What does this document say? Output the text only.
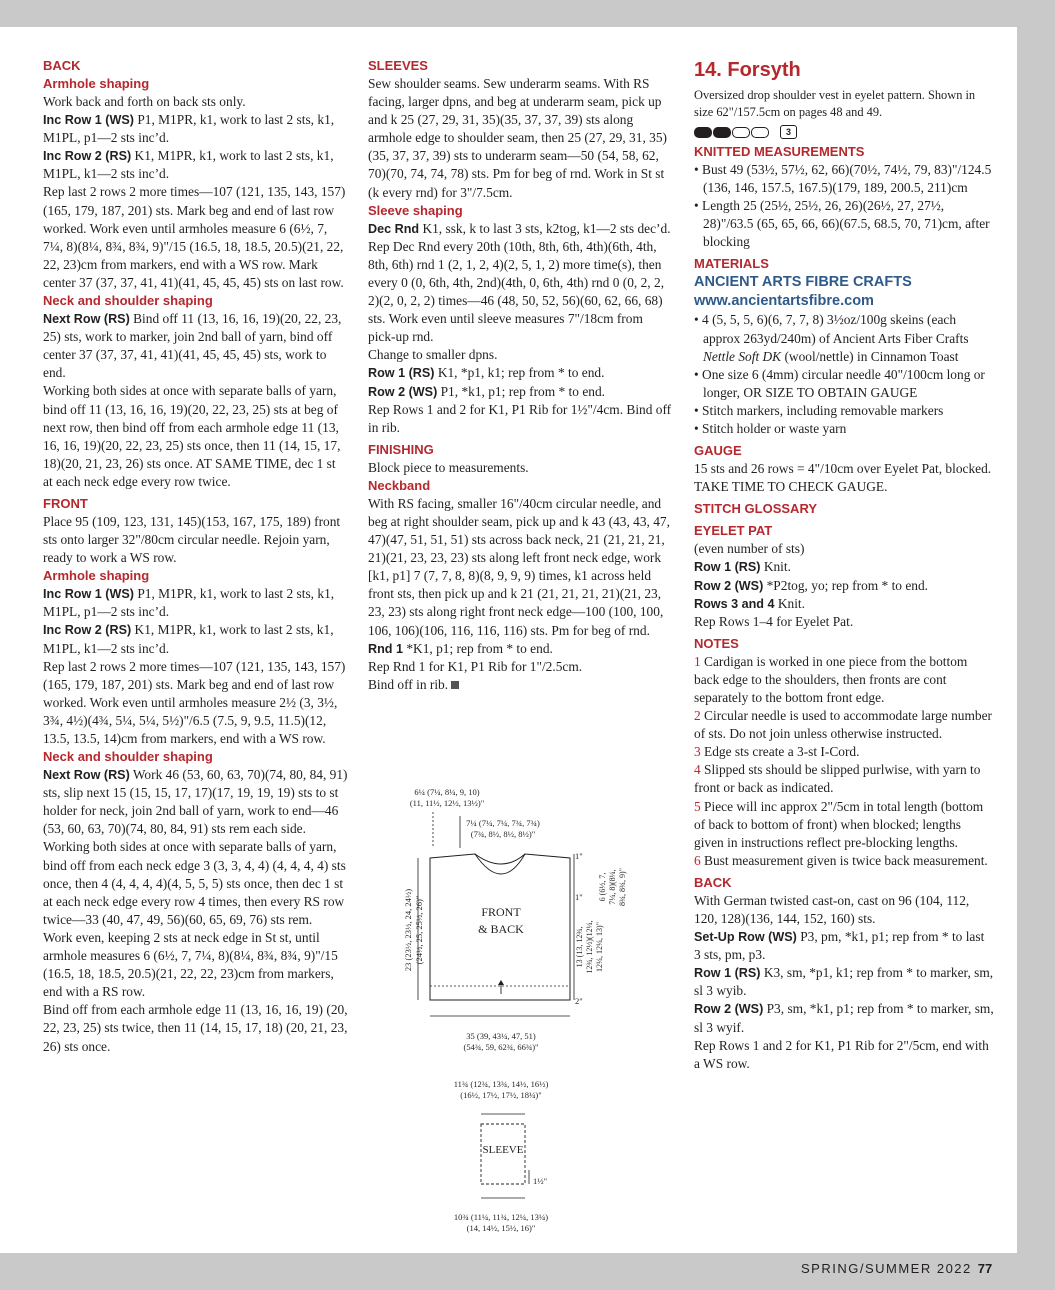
BACK
Armhole shaping

Work back and forth on back sts only.

Inc Row 1 (WS) P1, M1PR, k1, work to last 2 sts, k1, M1PL, p1—2 sts inc’d.

Inc Row 2 (RS) K1, M1PR, k1, work to last 2 sts, k1, M1PL, k1—2 sts inc’d.

Rep last 2 rows 2 more times—107 (121, 135, 143, 157)(165, 179, 187, 201) sts. Mark beg and end of last row worked. Work even until armholes measure 6 (6½, 7, 7¼, 8)(8¼, 8¾, 8¾, 9)"/15 (16.5, 18, 18.5, 20.5)(21, 22, 22, 23)cm from markers, end with a WS row. Mark center 37 (37, 37, 41, 41)(41, 45, 45, 45) sts on last row.

Neck and shoulder shaping

Next Row (RS) Bind off 11 (13, 16, 16, 19)(20, 22, 23, 25) sts, work to marker, join 2nd ball of yarn, bind off center 37 (37, 37, 41, 41)(41, 45, 45, 45) sts, work to end.

Working both sides at once with separate balls of yarn, bind off 11 (13, 16, 16, 19)(20, 22, 23, 25) sts at beg of next row, then bind off from each armhole edge 11 (13, 16, 16, 19)(20, 22, 23, 25) sts once, then 11 (14, 15, 17, 18)(20, 21, 23, 26) sts once. AT SAME TIME, dec 1 st at each neck edge every row twice.

FRONT

Place 95 (109, 123, 131, 145)(153, 167, 175, 189) front sts onto larger 32"/80cm circular needle. Rejoin yarn, ready to work a WS row.

Armhole shaping

Inc Row 1 (WS) P1, M1PR, k1, work to last 2 sts, k1, M1PL, p1—2 sts inc’d.

Inc Row 2 (RS) K1, M1PR, k1, work to last 2 sts, k1, M1PL, k1—2 sts inc’d.

Rep last 2 rows 2 more times—107 (121, 135, 143, 157)(165, 179, 187, 201) sts. Mark beg and end of last row worked. Work even until armholes measure 2½ (3, 3½, 3¾, 4½)(4¾, 5¼, 5¼, 5½)"/6.5 (7.5, 9, 9.5, 11.5)(12, 13.5, 13.5, 14)cm from markers, end with a WS row.

Neck and shoulder shaping

Next Row (RS) Work 46 (53, 60, 63, 70)(74, 80, 84, 91) sts, slip next 15 (15, 15, 17, 17)(17, 19, 19, 19) sts to st holder for neck, join 2nd ball of yarn, work to end—46 (53, 60, 63, 70)(74, 80, 84, 91) sts rem each side.

Working both sides at once with separate balls of yarn, bind off from each neck edge 3 (3, 3, 4, 4) (4, 4, 4, 4) sts once, then 4 (4, 4, 4, 4)(4, 5, 5, 5) sts once, then dec 1 st at each neck edge every row 4 times, then every RS row twice—33 (40, 47, 49, 56)(60, 65, 69, 76) sts rem.

Work even, keeping 2 sts at neck edge in St st, until armhole measures 6 (6½, 7, 7¼, 8)(8¼, 8¾, 8¾, 9)"/15 (16.5, 18, 18.5, 20.5)(21, 22, 22, 23)cm from markers, end with a RS row.

Bind off from each armhole edge 11 (13, 16, 16, 19) (20, 22, 23, 25) sts twice, then 11 (14, 15, 17, 18) (20, 21, 23, 26) sts once.

SLEEVES

Sew shoulder seams. Sew underarm seams. With RS facing, larger dpns, and beg at underarm seam, pick up and k 25 (27, 29, 31, 35)(35, 37, 37, 39) sts along armhole edge to shoulder seam, then 25 (27, 29, 31, 35)(35, 37, 37, 39) sts to underarm seam—50 (54, 58, 62, 70)(70, 74, 74, 78) sts. Pm for beg of rnd. Work in St st (k every rnd) for 3"/7.5cm.

Sleeve shaping

Dec Rnd K1, ssk, k to last 3 sts, k2tog, k1—2 sts dec’d. Rep Dec Rnd every 20th (10th, 8th, 6th, 4th)(6th, 4th, 8th, 6th) rnd 1 (2, 1, 2, 4)(2, 5, 1, 2) more time(s), then every 0 (0, 6th, 4th, 2nd)(4th, 0, 6th, 4th) rnd 0 (0, 2, 2, 2)(2, 0, 2, 2) times—46 (48, 50, 52, 56)(60, 62, 66, 68) sts. Work even until sleeve measures 7"/18cm from pick-up rnd.

Change to smaller dpns.

Row 1 (RS) K1, *p1, k1; rep from * to end.

Row 2 (WS) P1, *k1, p1; rep from * to end.

Rep Rows 1 and 2 for K1, P1 Rib for 1½"/4cm. Bind off in rib.

FINISHING

Block piece to measurements.

Neckband

With RS facing, smaller 16"/40cm circular needle, and beg at right shoulder seam, pick up and k 43 (43, 43, 47, 47)(47, 51, 51, 51) sts across back neck, 21 (21, 21, 21, 21)(21, 23, 23, 23) sts along left front neck edge, work [k1, p1] 7 (7, 7, 8, 8)(8, 9, 9, 9) times, k1 across held front sts, then pick up and k 21 (21, 21, 21, 21)(21, 23, 23, 23) sts along right front neck edge—100 (100, 100, 106, 106)(106, 116, 116, 116) sts. Pm for beg of rnd.

Rnd 1 *K1, p1; rep from * to end.

Rep Rnd 1 for K1, P1 Rib for 1"/2.5cm.

Bind off in rib.

6¼ (7¼, 8¼, 9, 10)
(11, 11½, 12½, 13½)"
7¼ (7¼, 7¼, 7¾, 7¾)
(7¾, 8½, 8½, 8½)"
23 (23½, 23½, 24, 24½) (24½, 25, 25½, 26)"
1"
1" 6 (6½, 7, 7¼, 8)(8¼, 8¾, 8¾, 9)"
13 (13, 12¾, 12¾, 12½)(12¼, 12¼, 12¼, 13)"
2"
FRONT
& BACK
35 (39, 43¼, 47, 51)
(54¾, 59, 62¾, 66¾)"
11¾ (12¾, 13¾, 14½, 16½)
(16½, 17½, 17½, 18¼)"
SLEEVE
1½"
10¾ (11¼, 11¾, 12¼, 13¼)
(14, 14½, 15½, 16)"
14. Forsyth

Oversized drop shoulder vest in eyelet pattern. Shown in size 62"/157.5cm on pages 48 and 49.

3
KNITTED MEASUREMENTS

• Bust 49 (53½, 57½, 62, 66)(70½, 74½, 79, 83)"/124.5 (136, 146, 157.5, 167.5)(179, 189, 200.5, 211)cm

• Length 25 (25½, 25½, 26, 26)(26½, 27, 27½, 28)"/63.5 (65, 65, 66, 66)(67.5, 68.5, 70, 71)cm, after blocking

MATERIALS
ANCIENT ARTS FIBRE CRAFTS
www.ancientartsfibre.com

• 4 (5, 5, 5, 6)(6, 7, 7, 8) 3½oz/100g skeins (each approx 263yd/240m) of Ancient Arts Fiber Crafts Nettle Soft DK (wool/nettle) in Cinnamon Toast

• One size 6 (4mm) circular needle 40"/100cm long or longer, OR SIZE TO OBTAIN GAUGE

• Stitch markers, including removable markers

• Stitch holder or waste yarn

GAUGE

15 sts and 26 rows = 4"/10cm over Eyelet Pat, blocked.

TAKE TIME TO CHECK GAUGE.

STITCH GLOSSARY
EYELET PAT

(even number of sts)

Row 1 (RS) Knit.

Row 2 (WS) *P2tog, yo; rep from * to end.

Rows 3 and 4 Knit.

Rep Rows 1–4 for Eyelet Pat.

NOTES

1 Cardigan is worked in one piece from the bottom back edge to the shoulders, then fronts are cont separately to the bottom front edge.

2 Circular needle is used to accommodate large number of sts. Do not join unless otherwise instructed.

3 Edge sts create a 3-st I-Cord.

4 Slipped sts should be slipped purlwise, with yarn to front or back as indicated.

5 Piece will inc approx 2"/5cm in total length (bottom of back to bottom of front) when blocked; lengths given in instructions reflect pre-blocking lengths.

6 Bust measurement given is twice back measurement.

BACK

With German twisted cast-on, cast on 96 (104, 112, 120, 128)(136, 144, 152, 160) sts.

Set-Up Row (WS) P3, pm, *k1, p1; rep from * to last 3 sts, pm, p3.

Row 1 (RS) K3, sm, *p1, k1; rep from * to marker, sm, sl 3 wyib.

Row 2 (WS) P3, sm, *k1, p1; rep from * to marker, sm, sl 3 wyif.

Rep Rows 1 and 2 for K1, P1 Rib for 2"/5cm, end with a WS row.

SPRING/SUMMER 2022 77
